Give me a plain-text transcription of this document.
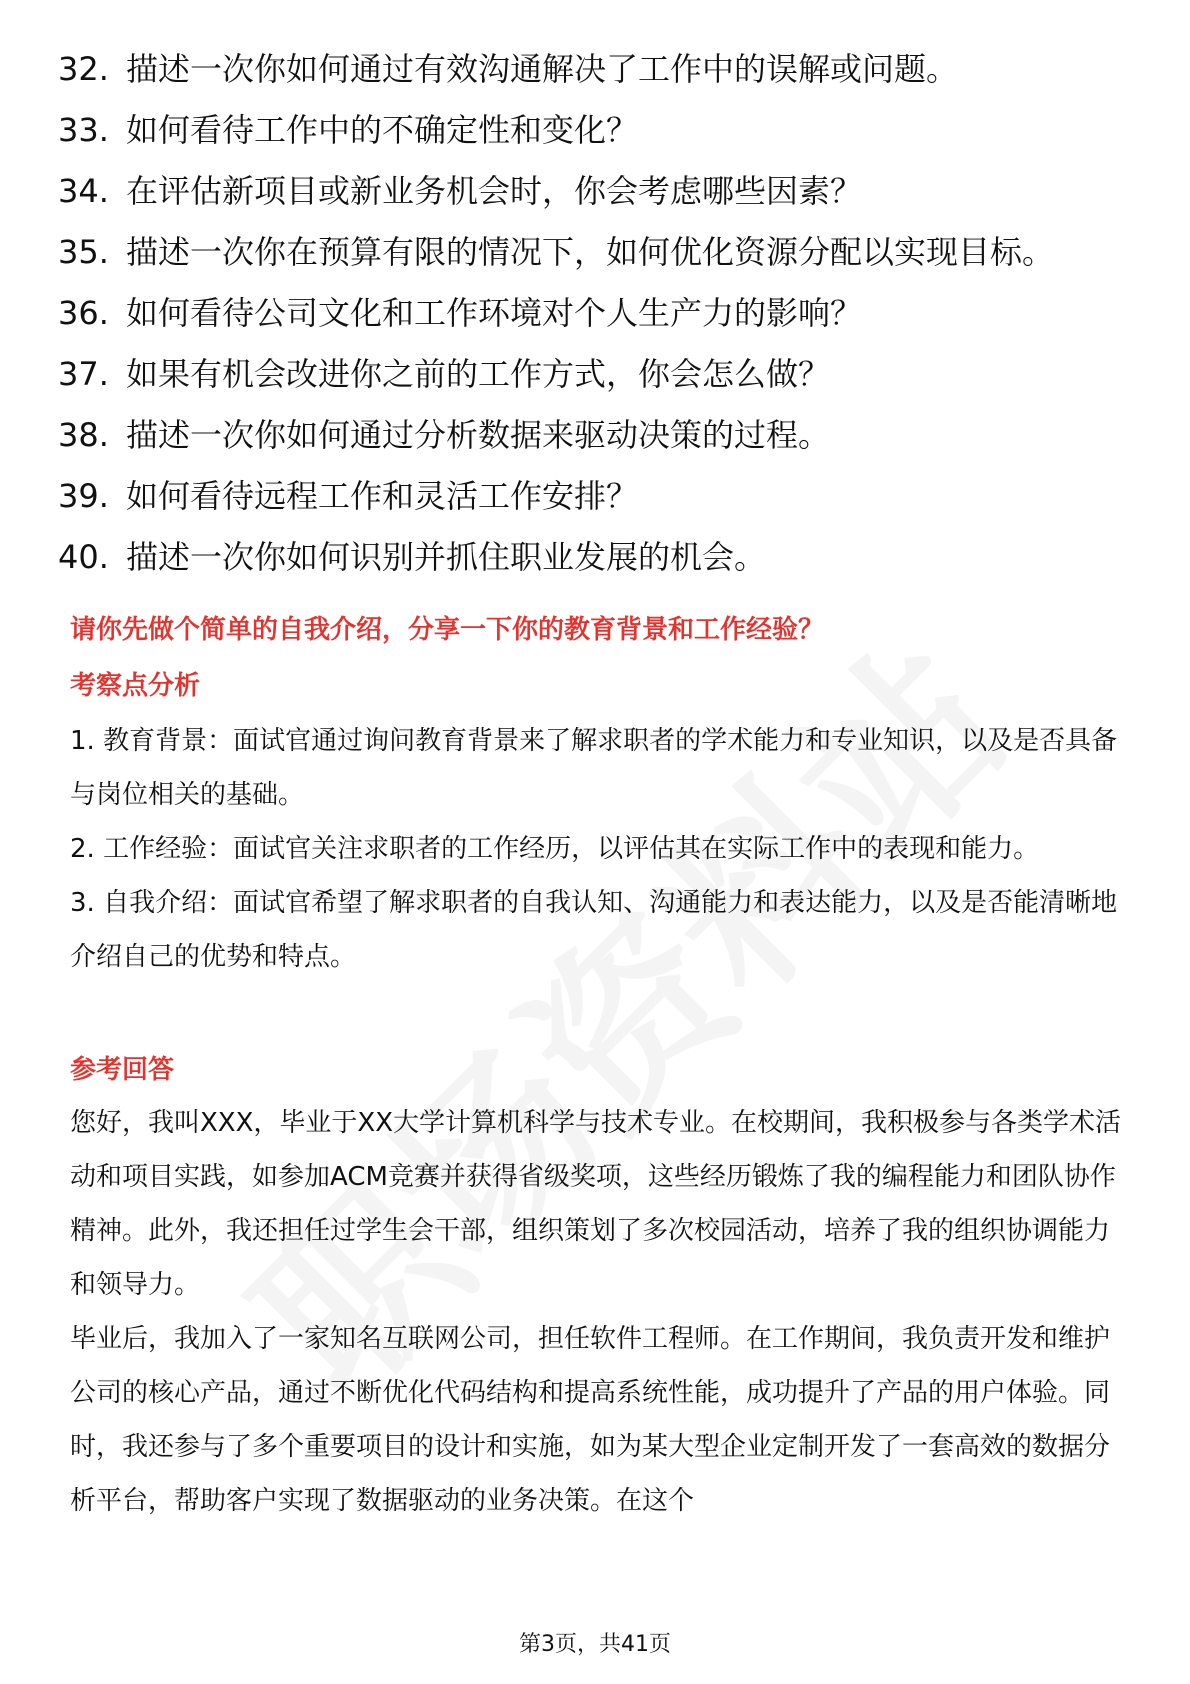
32. 描述一次你如何通过有效沟通解决了工作中的误解或问题。
33. 如何看待工作中的不确定性和变化？
34. 在评估新项目或新业务机会时，你会考虑哪些因素？
35. 描述一次你在预算有限的情况下，如何优化资源分配以实现目标。
36. 如何看待公司文化和工作环境对个人生产力的影响？
37. 如果有机会改进你之前的工作方式，你会怎么做？
38. 描述一次你如何通过分析数据来驱动决策的过程。
39. 如何看待远程工作和灵活工作安排？
40. 描述一次你如何识别并抓住职业发展的机会。
请你先做个简单的自我介绍，分享一下你的教育背景和工作经验？
考察点分析
1. 教育背景：面试官通过询问教育背景来了解求职者的学术能力和专业知识，以及是否具备与岗位相关的基础。
2. 工作经验：面试官关注求职者的工作经历，以评估其在实际工作中的表现和能力。
3. 自我介绍：面试官希望了解求职者的自我认知、沟通能力和表达能力，以及是否能清晰地介绍自己的优势和特点。
参考回答
您好，我叫XXX，毕业于XX大学计算机科学与技术专业。在校期间，我积极参与各类学术活动和项目实践，如参加ACM竞赛并获得省级奖项，这些经历锻炼了我的编程能力和团队协作精神。此外，我还担任过学生会干部，组织策划了多次校园活动，培养了我的组织协调能力和领导力。
毕业后，我加入了一家知名互联网公司，担任软件工程师。在工作期间，我负责开发和维护公司的核心产品，通过不断优化代码结构和提高系统性能，成功提升了产品的用户体验。同时，我还参与了多个重要项目的设计和实施，如为某大型企业定制开发了一套高效的数据分析平台，帮助客户实现了数据驱动的业务决策。在这个
第3页，共41页
